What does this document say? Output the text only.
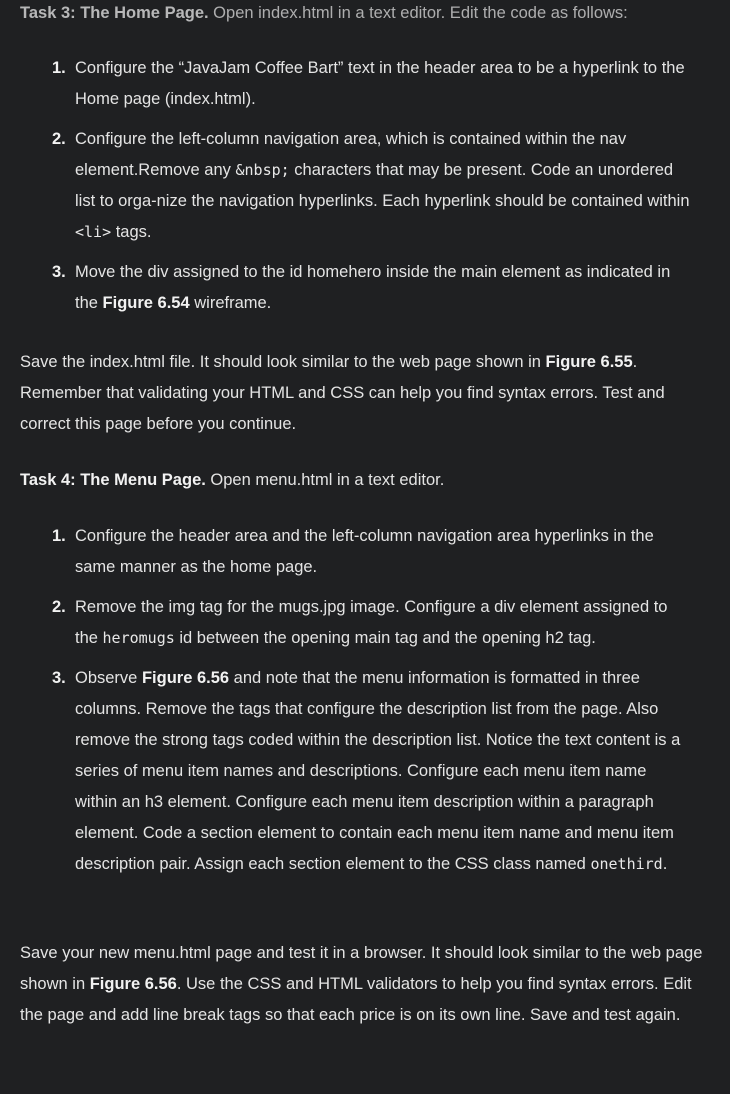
Task 3: The Home Page. Open index.html in a text editor. Edit the code as follows:

1. Configure the “JavaJam Coffee Bart” text in the header area to be a hyperlink to the Home page (index.html).
2. Configure the left-column navigation area, which is contained within the nav element.Remove any &nbsp; characters that may be present. Code an unordered list to orga-nize the navigation hyperlinks. Each hyperlink should be contained within <li> tags.
3. Move the div assigned to the id homehero inside the main element as indicated in the Figure 6.54 wireframe.

Save the index.html file. It should look similar to the web page shown in Figure 6.55. Remember that validating your HTML and CSS can help you find syntax errors. Test and correct this page before you continue.

Task 4: The Menu Page. Open menu.html in a text editor.

1. Configure the header area and the left-column navigation area hyperlinks in the same manner as the home page.
2. Remove the img tag for the mugs.jpg image. Configure a div element assigned to the heromugs id between the opening main tag and the opening h2 tag.
3. Observe Figure 6.56 and note that the menu information is formatted in three columns. Remove the tags that configure the description list from the page. Also remove the strong tags coded within the description list. Notice the text content is a series of menu item names and descriptions. Configure each menu item name within an h3 element. Configure each menu item description within a paragraph element. Code a section element to contain each menu item name and menu item description pair. Assign each section element to the CSS class named onethird.

Save your new menu.html page and test it in a browser. It should look similar to the web page shown in Figure 6.56. Use the CSS and HTML validators to help you find syntax errors. Edit the page and add line break tags so that each price is on its own line. Save and test again.
